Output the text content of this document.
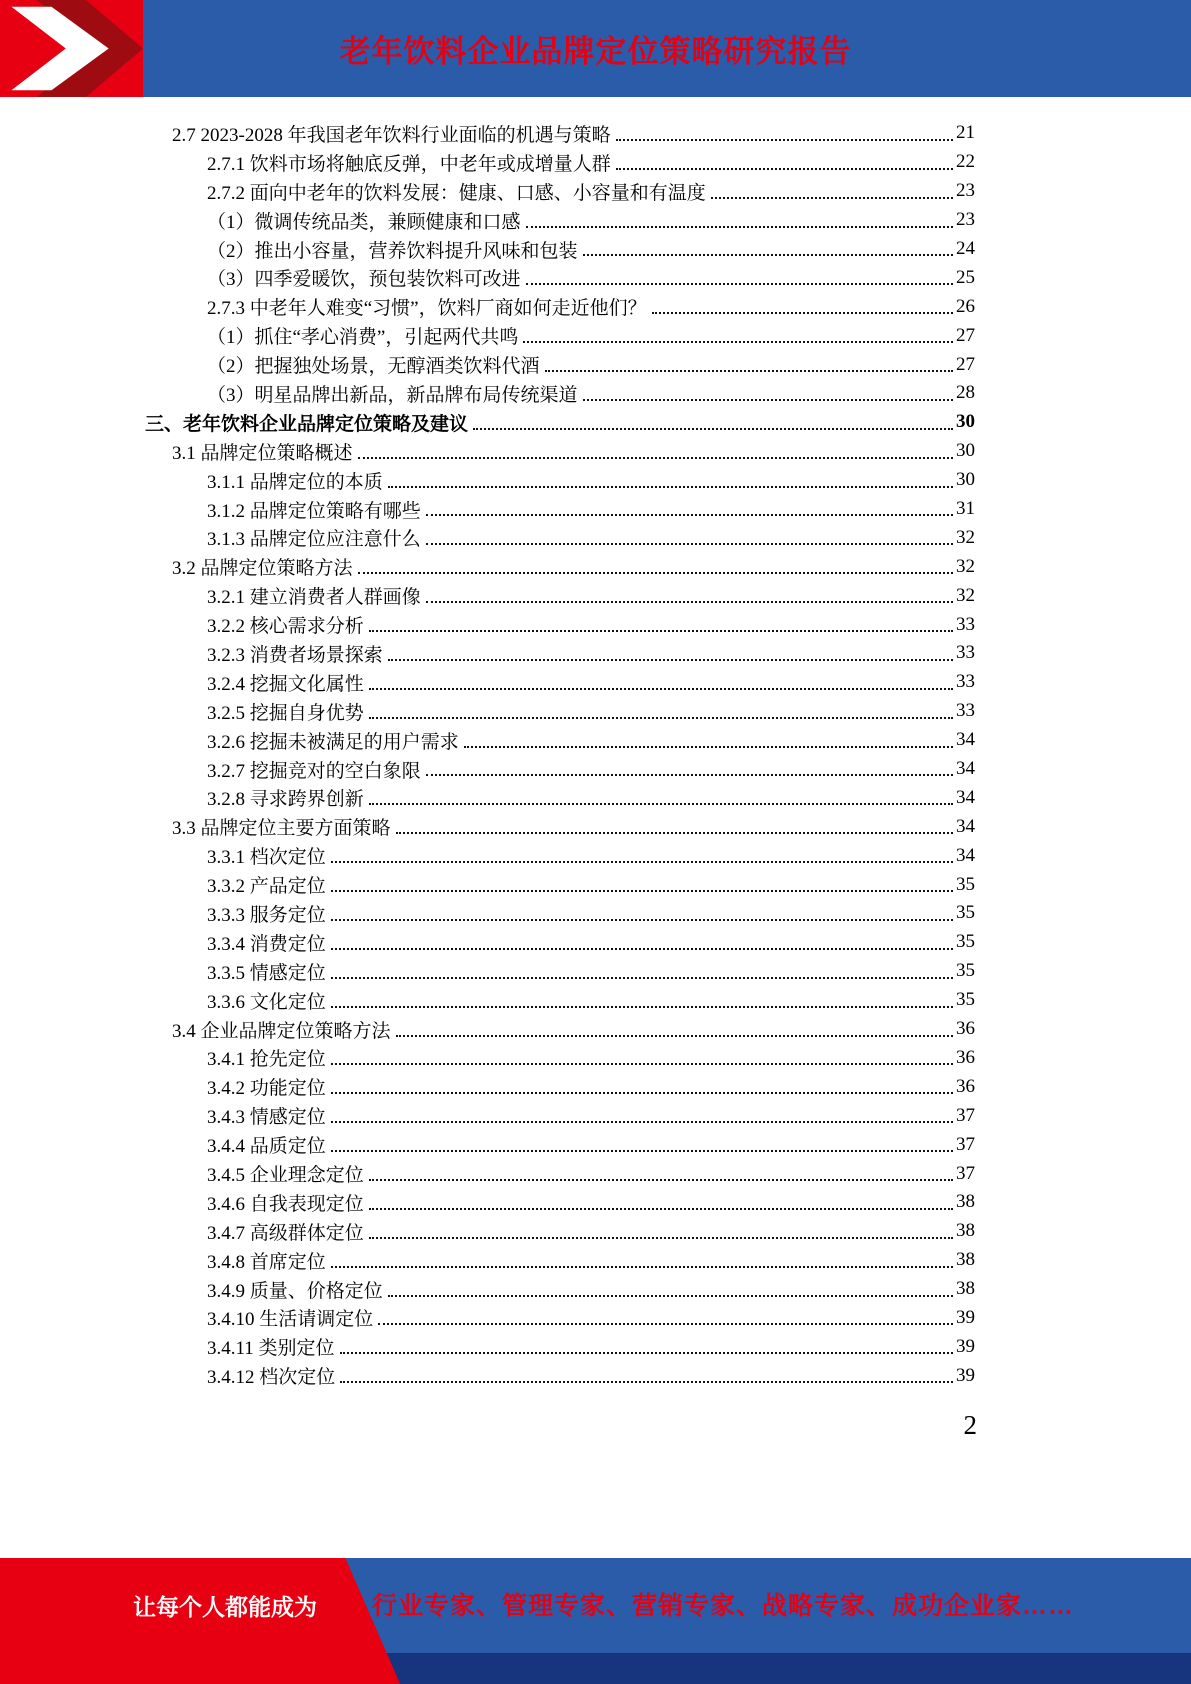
老年饮料企业品牌定位策略研究报告
2.7 2023-2028 年我国老年饮料行业面临的机遇与策略	21
2.7.1 饮料市场将触底反弹，中老年或成增量人群	22
2.7.2 面向中老年的饮料发展：健康、口感、小容量和有温度	23
（1）微调传统品类，兼顾健康和口感	23
（2）推出小容量，营养饮料提升风味和包装	24
（3）四季爱暖饮，预包装饮料可改进	25
2.7.3 中老年人难变“习惯”，饮料厂商如何走近他们？	26
（1）抓住“孝心消费”，引起两代共鸣	27
（2）把握独处场景，无醇酒类饮料代酒	27
（3）明星品牌出新品，新品牌布局传统渠道	28
三、老年饮料企业品牌定位策略及建议	30
3.1 品牌定位策略概述	30
3.1.1 品牌定位的本质	30
3.1.2 品牌定位策略有哪些	31
3.1.3 品牌定位应注意什么	32
3.2 品牌定位策略方法	32
3.2.1 建立消费者人群画像	32
3.2.2 核心需求分析	33
3.2.3 消费者场景探索	33
3.2.4 挖掘文化属性	33
3.2.5 挖掘自身优势	33
3.2.6 挖掘未被满足的用户需求	34
3.2.7 挖掘竞对的空白象限	34
3.2.8 寻求跨界创新	34
3.3 品牌定位主要方面策略	34
3.3.1 档次定位	34
3.3.2 产品定位	35
3.3.3 服务定位	35
3.3.4 消费定位	35
3.3.5 情感定位	35
3.3.6 文化定位	35
3.4 企业品牌定位策略方法	36
3.4.1 抢先定位	36
3.4.2 功能定位	36
3.4.3 情感定位	37
3.4.4 品质定位	37
3.4.5 企业理念定位	37
3.4.6 自我表现定位	38
3.4.7 高级群体定位	38
3.4.8 首席定位	38
3.4.9 质量、价格定位	38
3.4.10 生活请调定位	39
3.4.11 类别定位	39
3.4.12 档次定位	39
2
让每个人都能成为 行业专家、管理专家、营销专家、战略专家、成功企业家……
